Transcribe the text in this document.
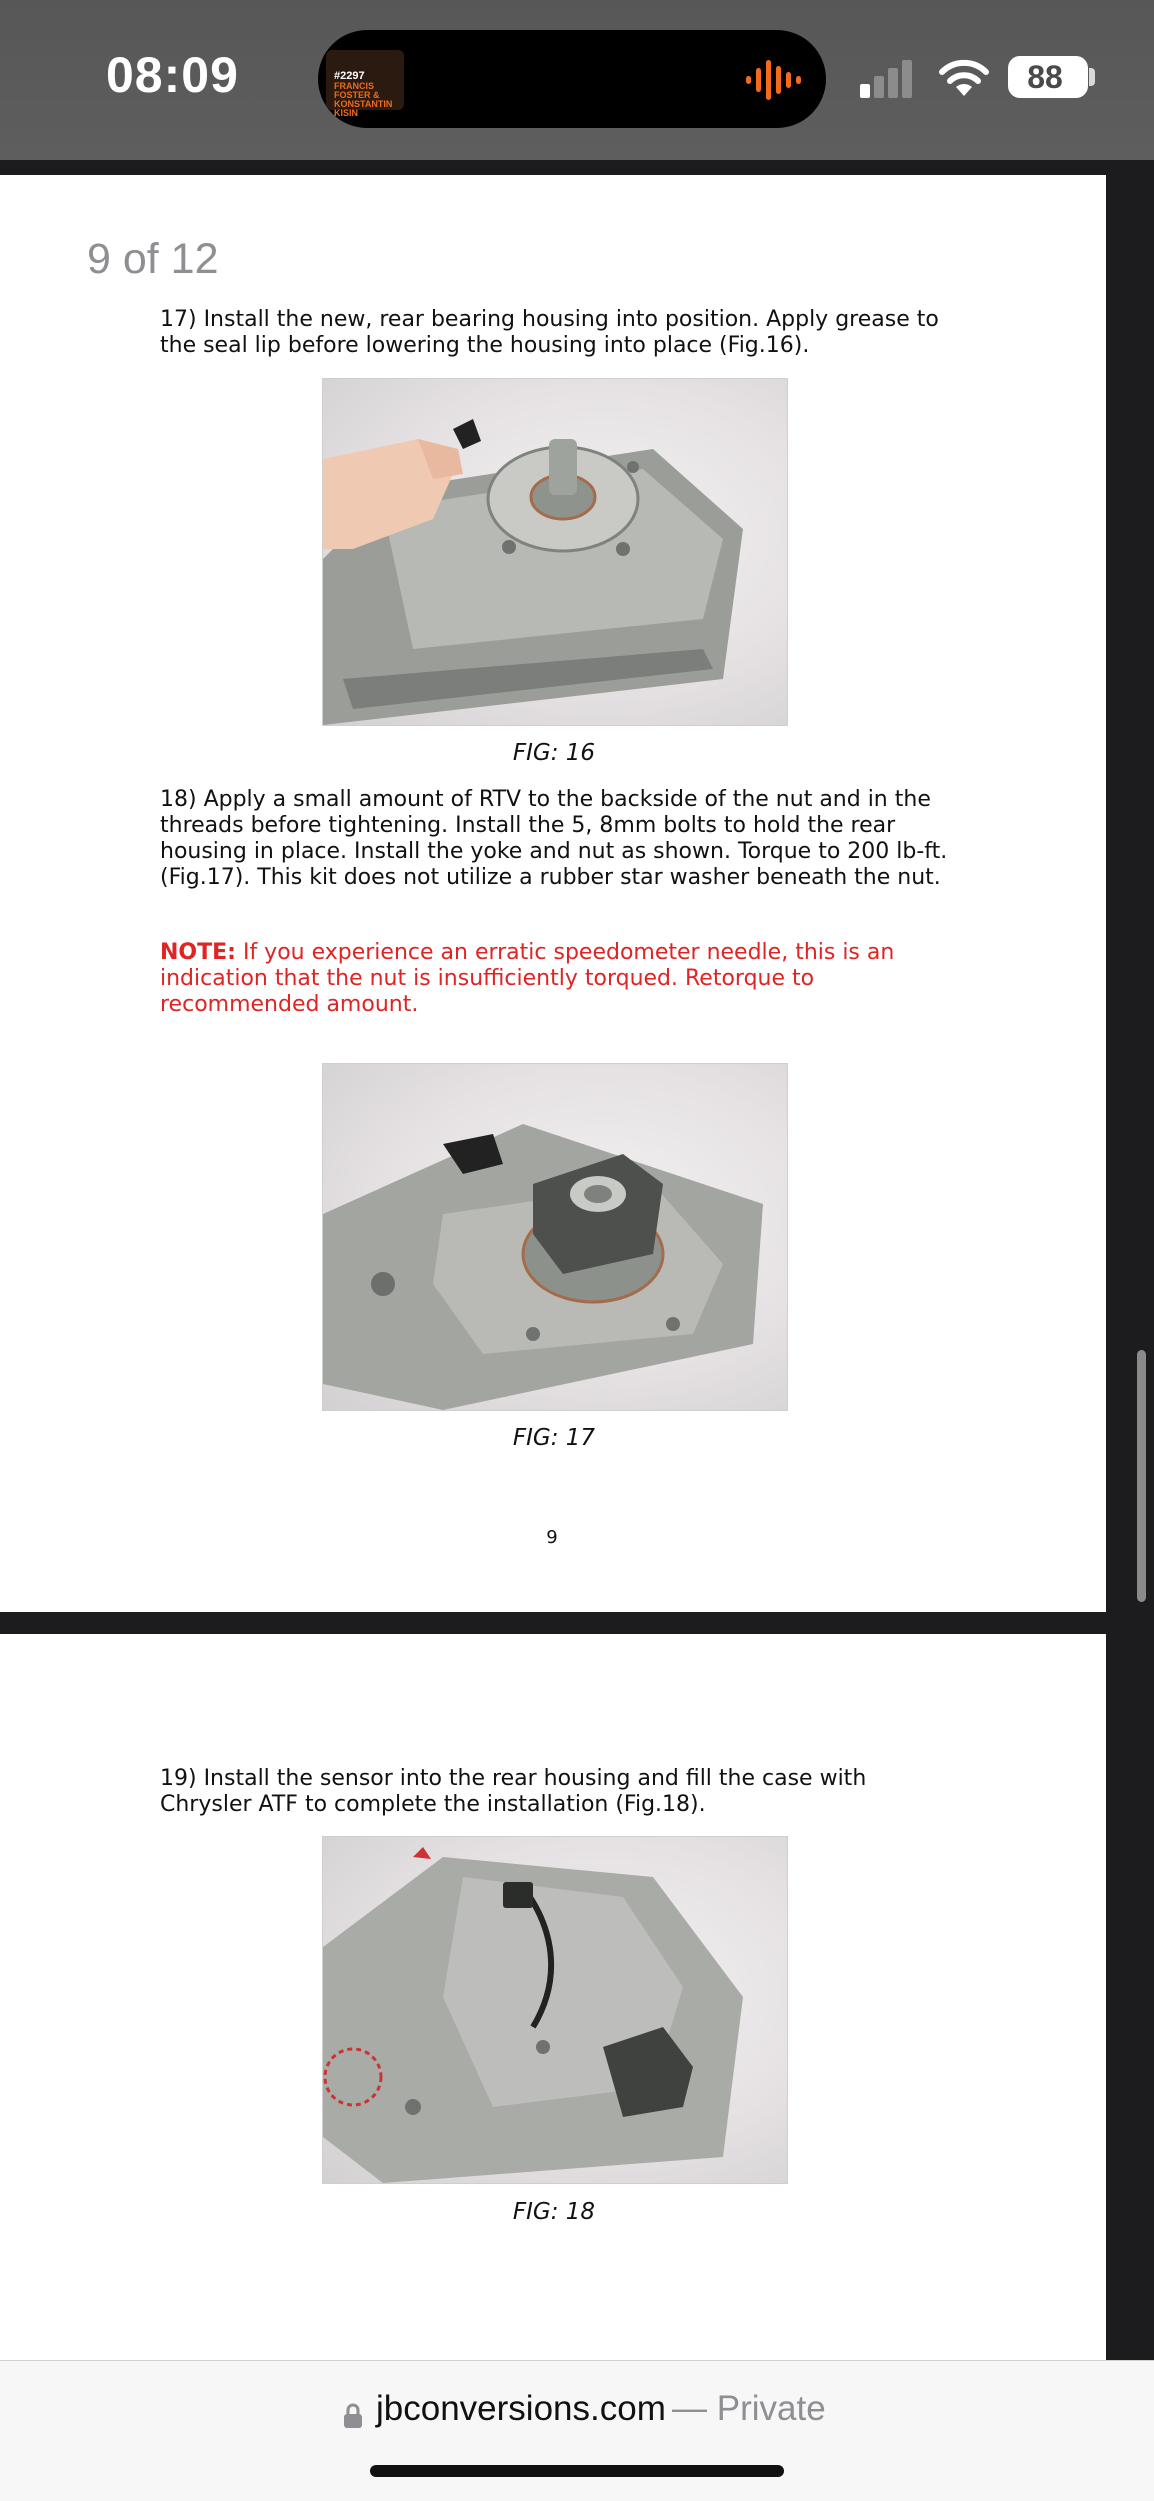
08:09	#2297
FRANCIS FOSTER & KONSTANTIN KISIN
88
9 of 12

17) Install the new, rear bearing housing into position. Apply grease to the seal lip before lowering the housing into place (Fig.16).

FIG: 16

18) Apply a small amount of RTV to the backside of the nut and in the threads before tightening. Install the 5, 8mm bolts to hold the rear housing in place. Install the yoke and nut as shown. Torque to 200 lb-ft. (Fig.17). This kit does not utilize a rubber star washer beneath the nut.

NOTE: If you experience an erratic speedometer needle, this is an indication that the nut is insufficiently torqued. Retorque to recommended amount.

FIG: 17
9

19) Install the sensor into the rear housing and fill the case with Chrysler ATF to complete the installation (Fig.18).

FIG: 18
jbconversions.com — Private
